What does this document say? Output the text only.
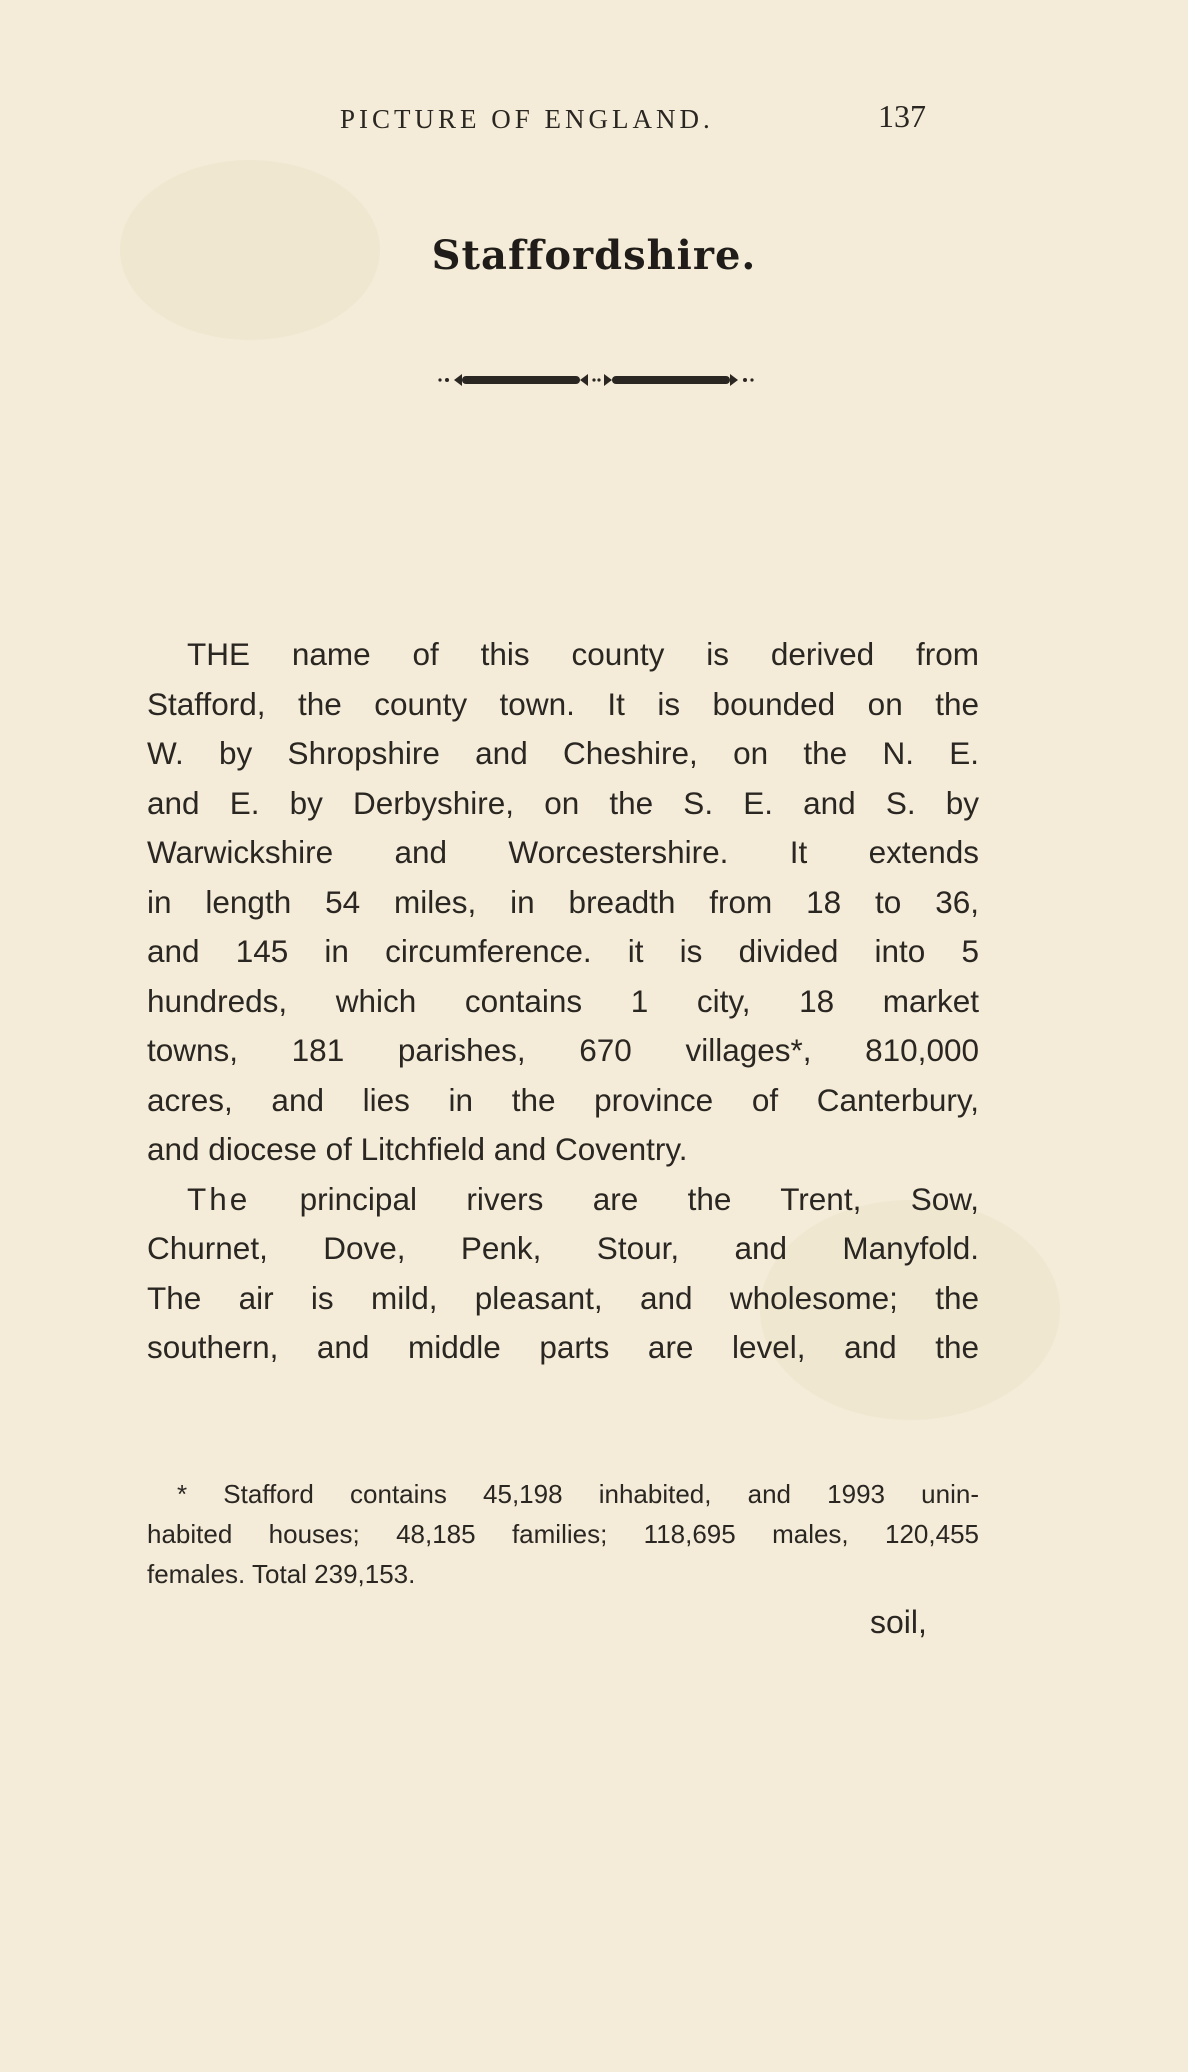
PICTURE OF ENGLAND.	137
Staffordshire.
THE name of this county is derived from
Stafford, the county town. It is bounded on the
W. by Shropshire and Cheshire, on the N. E.
and E. by Derbyshire, on the S. E. and S. by
Warwickshire and Worcestershire. It extends
in length 54 miles, in breadth from 18 to 36,
and 145 in circumference. it is divided into 5
hundreds, which contains 1 city, 18 market
towns, 181 parishes, 670 villages*, 810,000
acres, and lies in the province of Canterbury,
and diocese of Litchfield and Coventry.
The principal rivers are the Trent, Sow,
Churnet, Dove, Penk, Stour, and Manyfold.
The air is mild, pleasant, and wholesome; the
southern, and middle parts are level, and the
* Stafford contains 45,198 inhabited, and 1993 unin-
habited houses; 48,185 families; 118,695 males, 120,455
females. Total 239,153.
soil,
